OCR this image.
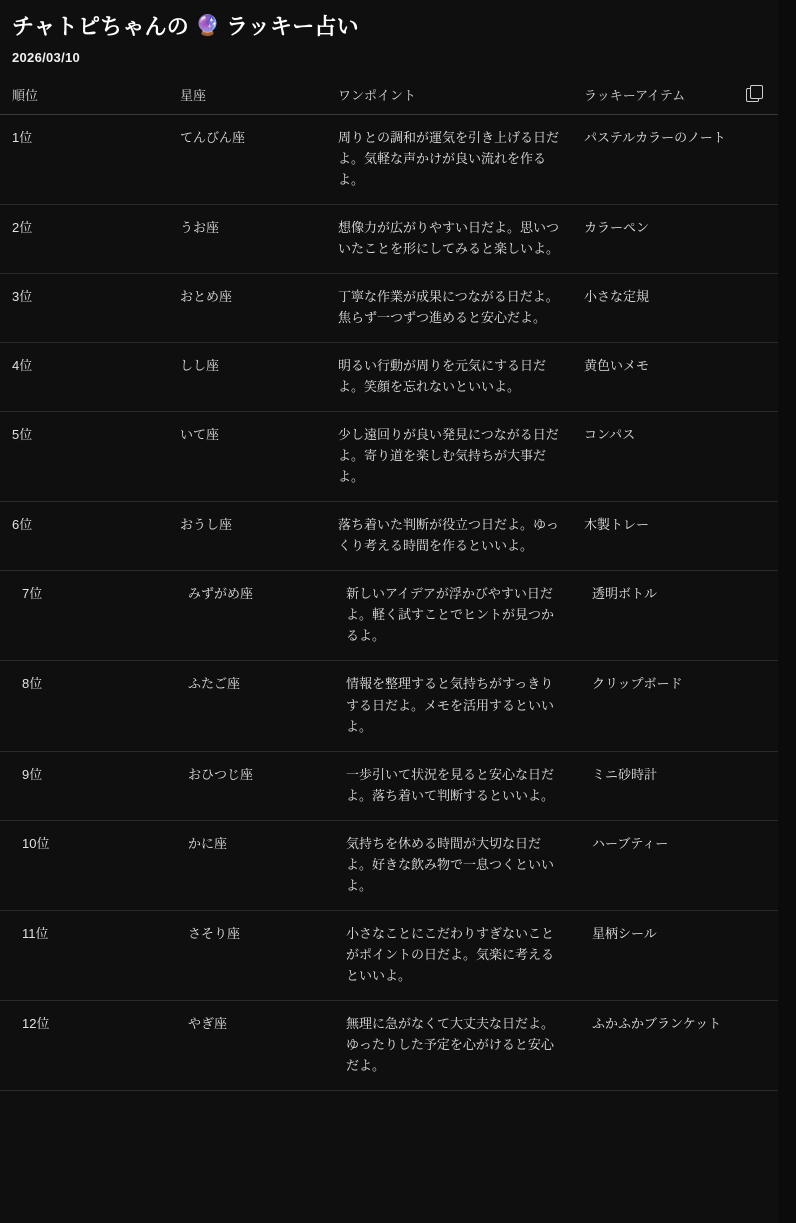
チャトピちゃんの 🔮 ラッキー占い
2026/03/10
順位	星座	ワンポイント	ラッキーアイテム

1位	てんびん座	周りとの調和が運気を引き上げる日だよ。気軽な声かけが良い流れを作るよ。	パステルカラーのノート
2位	うお座	想像力が広がりやすい日だよ。思いついたことを形にしてみると楽しいよ。	カラーペン
3位	おとめ座	丁寧な作業が成果につながる日だよ。焦らず一つずつ進めると安心だよ。	小さな定規
4位	しし座	明るい行動が周りを元気にする日だよ。笑顔を忘れないといいよ。	黄色いメモ
5位	いて座	少し遠回りが良い発見につながる日だよ。寄り道を楽しむ気持ちが大事だよ。	コンパス
6位	おうし座	落ち着いた判断が役立つ日だよ。ゆっくり考える時間を作るといいよ。	木製トレー
7位	みずがめ座	新しいアイデアが浮かびやすい日だよ。軽く試すことでヒントが見つかるよ。	透明ボトル
8位	ふたご座	情報を整理すると気持ちがすっきりする日だよ。メモを活用するといいよ。	クリップボード
9位	おひつじ座	一歩引いて状況を見ると安心な日だよ。落ち着いて判断するといいよ。	ミニ砂時計
10位	かに座	気持ちを休める時間が大切な日だよ。好きな飲み物で一息つくといいよ。	ハーブティー
11位	さそり座	小さなことにこだわりすぎないことがポイントの日だよ。気楽に考えるといいよ。	星柄シール
12位	やぎ座	無理に急がなくて大丈夫な日だよ。ゆったりした予定を心がけると安心だよ。	ふかふかブランケット
